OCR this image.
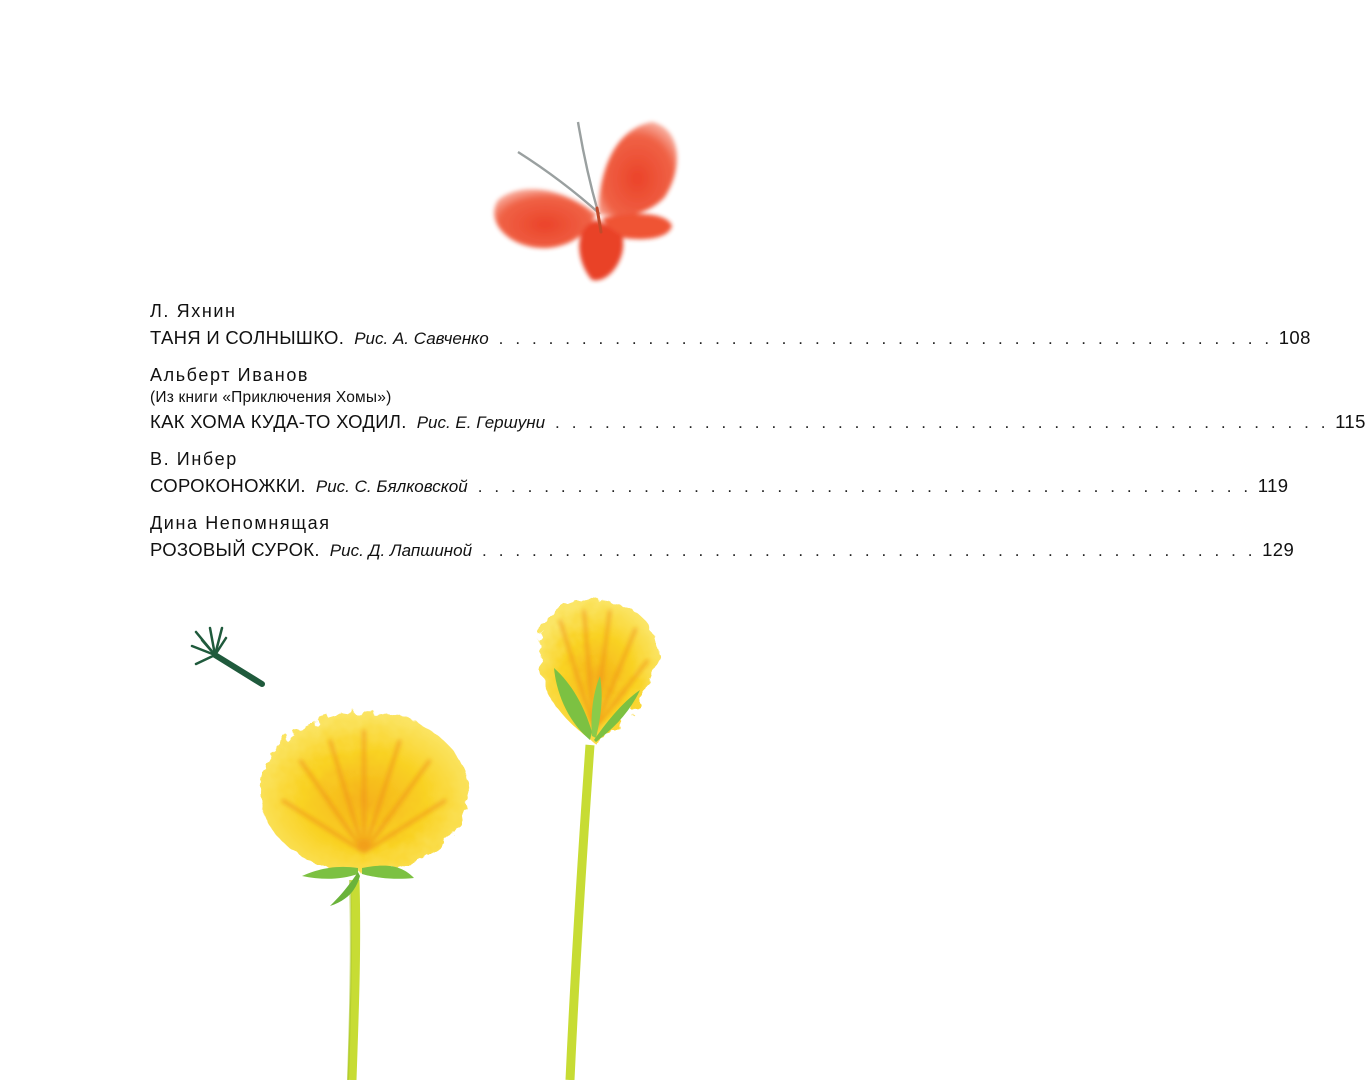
Л. Яхнин
ТАНЯ И СОЛНЫШКО. Рис. А. Савченко . . . . . . . . . . . . . . . . . . . . . . . . . . . . . . . . . . . . . . . . . . . . . . . 108
Альберт Иванов
(Из книги «Приключения Хомы»)
КАК ХОМА КУДА-ТО ХОДИЛ. Рис. Е. Гершуни . . . . . . . . . . . . . . . . . . . . . . . . . . . . . . . . . . . . . . . . . . . . . . . 115
В. Инбер
СОРОКОНОЖКИ. Рис. С. Бялковской . . . . . . . . . . . . . . . . . . . . . . . . . . . . . . . . . . . . . . . . . . . . . . . 119
Дина Непомнящая
РОЗОВЫЙ СУРОК. Рис. Д. Лапшиной . . . . . . . . . . . . . . . . . . . . . . . . . . . . . . . . . . . . . . . . . . . . . . . 129
